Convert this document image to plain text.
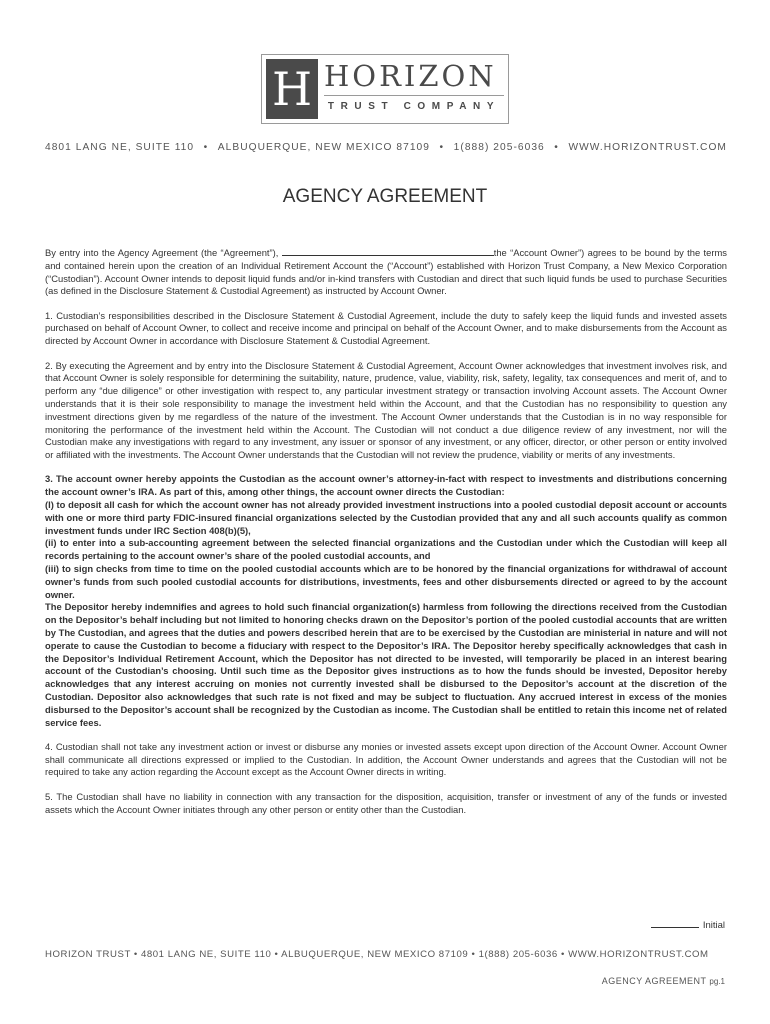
H HORIZON
TRUST COMPANY
4801 LANG NE, SUITE 110 • ALBUQUERQUE, NEW MEXICO 87109 • 1(888) 205-6036 • WWW.HORIZONTRUST.COM
AGENCY AGREEMENT

By entry into the Agency Agreement (the “Agreement”),	the “Account Owner”) agrees to be bound by the terms and contained herein upon the creation of an Individual Retirement Account the (“Account”) established with Horizon Trust Company, a New Mexico Corporation (“Custodian”). Account Owner intends to deposit liquid funds and/or in-kind transfers with Custodian and direct that such liquid funds be used to purchase Securities (as defined in the Disclosure Statement & Custodial Agreement) as instructed by Account Owner.

1. Custodian’s responsibilities described in the Disclosure Statement & Custodial Agreement, include the duty to safely keep the liquid funds and invested assets purchased on behalf of Account Owner, to collect and receive income and principal on behalf of the Account Owner, and to make disbursements from the Account as directed by Account Owner in accordance with Disclosure Statement & Custodial Agreement.

2. By executing the Agreement and by entry into the Disclosure Statement & Custodial Agreement, Account Owner acknowledges that investment involves risk, and that Account Owner is solely responsible for determining the suitability, nature, prudence, value, viability, risk, safety, legality, tax consequences and merit of, and to perform any “due diligence” or other investigation with respect to, any particular investment strategy or transaction involving Account assets. The Account Owner understands that it is their sole responsibility to manage the investment held within the Account, and that the Custodian has no responsibility to question any investment directions given by me regardless of the nature of the investment. The Account Owner understands that the Custodian is in no way responsible for monitoring the performance of the investment held within the Account. The Custodian will not conduct a due diligence review of any investment, nor will the Custodian make any investigations with regard to any investment, any issuer or sponsor of any investment, or any officer, director, or other person or entity involved or affiliated with the investments. The Account Owner understands that the Custodian will not review the prudence, viability or merits of any investments.

3. The account owner hereby appoints the Custodian as the account owner’s attorney-in-fact with respect to investments and distributions concerning the account owner’s IRA. As part of this, among other things, the account owner directs the Custodian:
(I) to deposit all cash for which the account owner has not already provided investment instructions into a pooled custodial deposit account or accounts with one or more third party FDIC-insured financial organizations selected by the Custodian provided that any and all such accounts qualify as common investment funds under IRC Section 408(b)(5),
(ii) to enter into a sub-accounting agreement between the selected financial organizations and the Custodian under which the Custodian will keep all records pertaining to the account owner’s share of the pooled custodial accounts, and
(iii) to sign checks from time to time on the pooled custodial accounts which are to be honored by the financial organizations for withdrawal of account owner’s funds from such pooled custodial accounts for distributions, investments, fees and other disbursements directed or agreed to by the account owner.
The Depositor hereby indemnifies and agrees to hold such financial organization(s) harmless from following the directions received from the Custodian on the Depositor’s behalf including but not limited to honoring checks drawn on the Depositor’s portion of the pooled custodial accounts that are written by The Custodian, and agrees that the duties and powers described herein that are to be exercised by the Custodian are ministerial in nature and will not operate to cause the Custodian to become a fiduciary with respect to the Depositor’s IRA. The Depositor hereby specifically acknowledges that cash in the Depositor’s Individual Retirement Account, which the Depositor has not directed to be invested, will temporarily be placed in an interest bearing account of the Custodian’s choosing. Until such time as the Depositor gives instructions as to how the funds should be invested, Depositor hereby acknowledges that any interest accruing on monies not currently invested shall be disbursed to the Depositor’s account at the discretion of the Custodian. Depositor also acknowledges that such rate is not fixed and may be subject to fluctuation. Any accrued interest in excess of the monies disbursed to the Depositor’s account shall be recognized by the Custodian as income. The Custodian shall be entitled to retain this income net of related service fees.

4. Custodian shall not take any investment action or invest or disburse any monies or invested assets except upon direction of the Account Owner. Account Owner shall communicate all directions expressed or implied to the Custodian. In addition, the Account Owner understands and agrees that the Custodian will not be required to take any action regarding the Account except as the Account Owner directs in writing.

5. The Custodian shall have no liability in connection with any transaction for the disposition, acquisition, transfer or investment of any of the funds or invested assets which the Account Owner initiates through any other person or entity other than the Custodian.

Initial
HORIZON TRUST • 4801 LANG NE, SUITE 110 • ALBUQUERQUE, NEW MEXICO 87109 • 1(888) 205-6036 • WWW.HORIZONTRUST.COM
AGENCY AGREEMENT pg.1
